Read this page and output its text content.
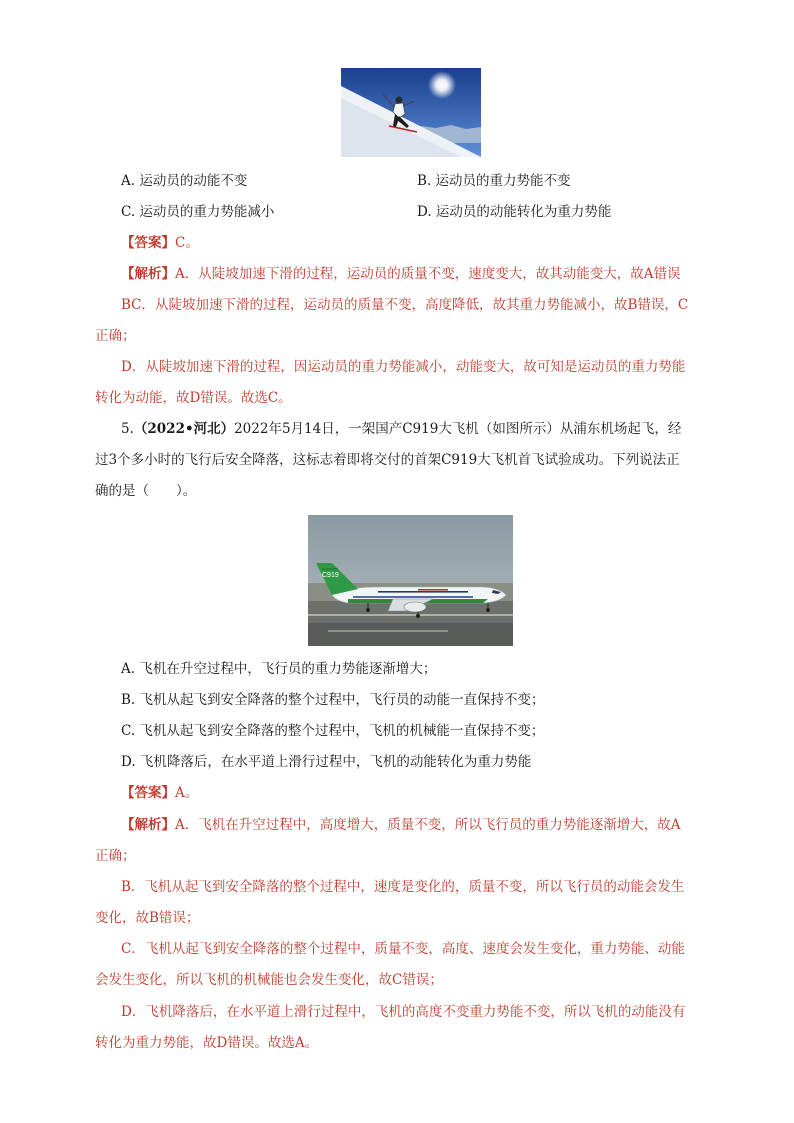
A. 运动员的动能不变	B. 运动员的重力势能不变
C. 运动员的重力势能减小	D. 运动员的动能转化为重力势能
【答案】C。
【解析】A．从陡坡加速下滑的过程，运动员的质量不变，速度变大，故其动能变大，故A错误
BC．从陡坡加速下滑的过程，运动员的质量不变，高度降低，故其重力势能减小，故B错误，C
正确；
D．从陡坡加速下滑的过程，因运动员的重力势能减小，动能变大，故可知是运动员的重力势能
转化为动能，故D错误。故选C。
5.（2022•河北）2022年5月14日，一架国产C919大飞机（如图所示）从浦东机场起飞，经
过3个多小时的飞行后安全降落，这标志着即将交付的首架C919大飞机首飞试验成功。下列说法正
确的是（　　）。
C919
A. 飞机在升空过程中，飞行员的重力势能逐渐增大；
B. 飞机从起飞到安全降落的整个过程中，飞行员的动能一直保持不变；
C. 飞机从起飞到安全降落的整个过程中，飞机的机械能一直保持不变；
D. 飞机降落后，在水平道上滑行过程中，飞机的动能转化为重力势能
【答案】A。
【解析】A．飞机在升空过程中，高度增大，质量不变，所以飞行员的重力势能逐渐增大，故A
正确；
B．飞机从起飞到安全降落的整个过程中，速度是变化的，质量不变，所以飞行员的动能会发生
变化，故B错误；
C．飞机从起飞到安全降落的整个过程中，质量不变，高度、速度会发生变化，重力势能、动能
会发生变化，所以飞机的机械能也会发生变化，故C错误；
D．飞机降落后，在水平道上滑行过程中，飞机的高度不变重力势能不变，所以飞机的动能没有
转化为重力势能，故D错误。故选A。
